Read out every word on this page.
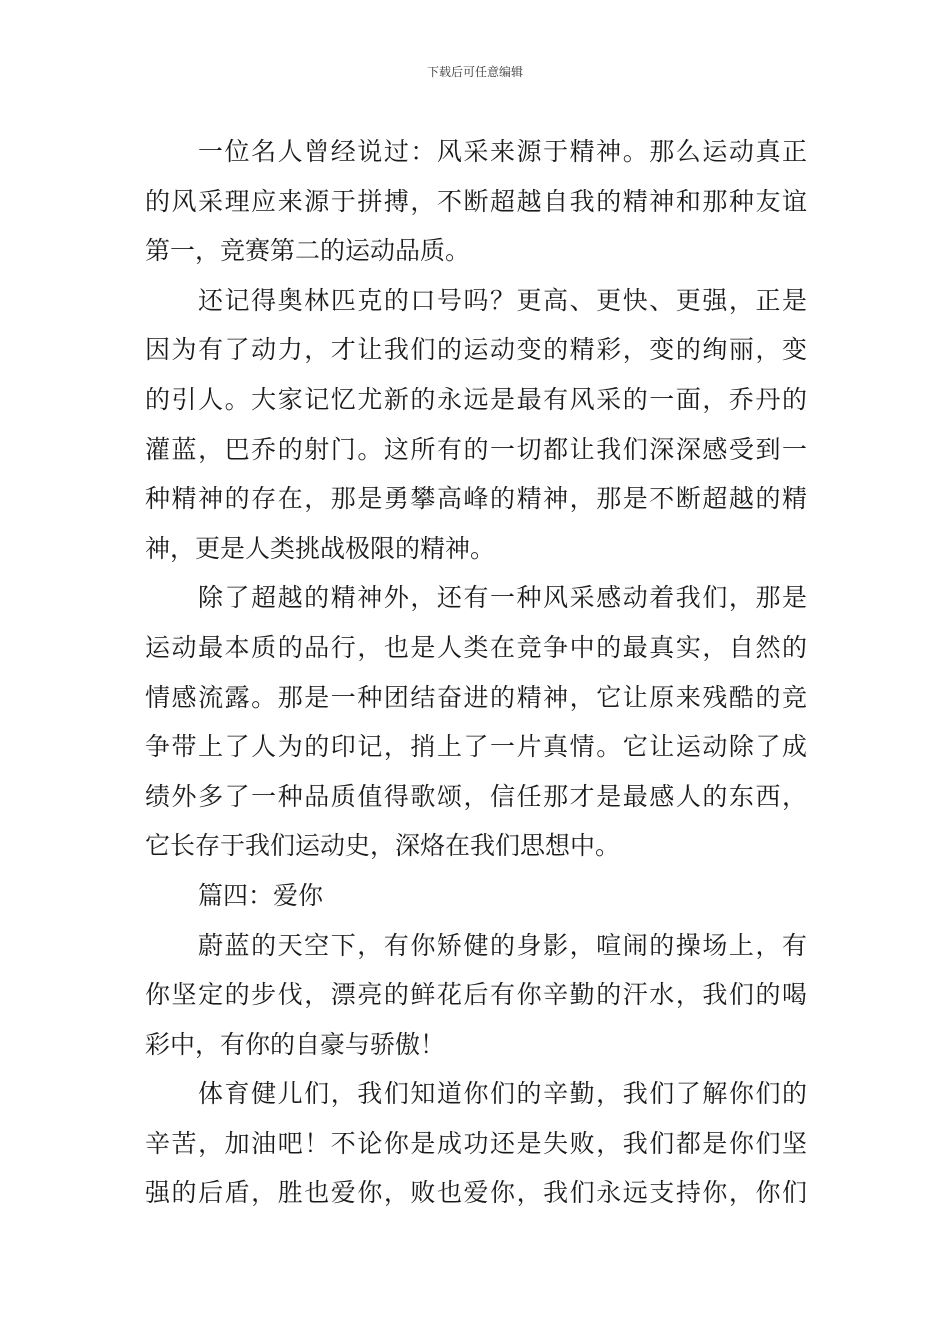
下载后可任意编辑
一位名人曾经说过：风采来源于精神。那么运动真正
的风采理应来源于拼搏，不断超越自我的精神和那种友谊
第一，竞赛第二的运动品质。
还记得奥林匹克的口号吗？更高、更快、更强，正是
因为有了动力，才让我们的运动变的精彩，变的绚丽，变
的引人。大家记忆尤新的永远是最有风采的一面，乔丹的
灌蓝，巴乔的射门。这所有的一切都让我们深深感受到一
种精神的存在，那是勇攀高峰的精神，那是不断超越的精
神，更是人类挑战极限的精神。
除了超越的精神外，还有一种风采感动着我们，那是
运动最本质的品行，也是人类在竞争中的最真实，自然的
情感流露。那是一种团结奋进的精神，它让原来残酷的竞
争带上了人为的印记，捎上了一片真情。它让运动除了成
绩外多了一种品质值得歌颂，信任那才是最感人的东西，
它长存于我们运动史，深烙在我们思想中。
篇四：爱你
蔚蓝的天空下，有你矫健的身影，喧闹的操场上，有
你坚定的步伐，漂亮的鲜花后有你辛勤的汗水，我们的喝
彩中，有你的自豪与骄傲！
体育健儿们，我们知道你们的辛勤，我们了解你们的
辛苦，加油吧！不论你是成功还是失败，我们都是你们坚
强的后盾，胜也爱你，败也爱你，我们永远支持你，你们
